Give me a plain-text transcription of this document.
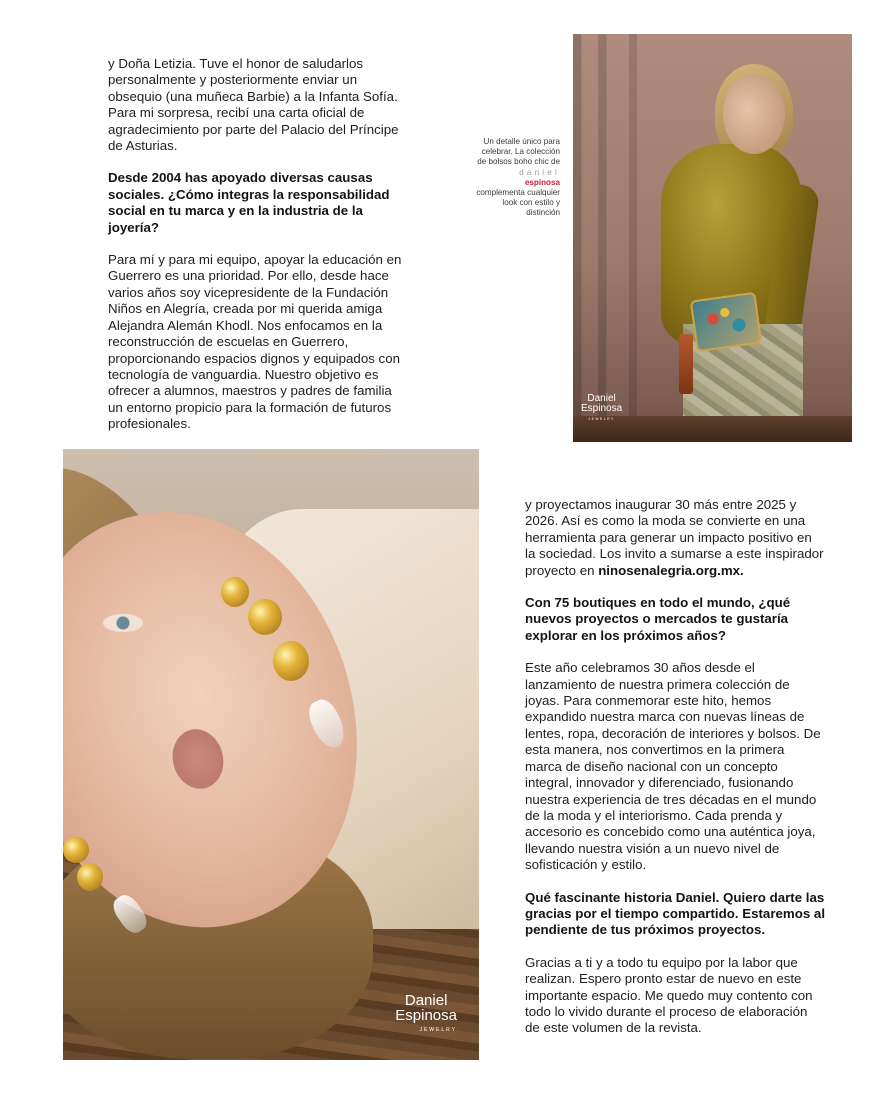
y Doña Letizia. Tuve el honor de saludarlos personalmente y posteriormente enviar un obsequio (una muñeca Barbie) a la Infanta Sofía. Para mi sorpresa, recibí una carta oficial de agradecimiento por parte del Palacio del Príncipe de Asturias.

Desde 2004 has apoyado diversas causas sociales. ¿Cómo integras la responsabilidad social en tu marca y en la industria de la joyería?

Para mí y para mi equipo, apoyar la educación en Guerrero es una prioridad. Por ello, desde hace varios años soy vicepresidente de la Fundación Niños en Alegría, creada por mi querida amiga Alejandra Alemán Khodl. Nos enfocamos en la reconstrucción de escuelas en Guerrero, proporcionando espacios dignos y equipados con tecnología de vanguardia. Nuestro objetivo es ofrecer a alumnos, maestros y padres de familia un entorno propicio para la formación de futuros profesionales.

Un detalle único para celebrar. La colección de bolsos boho chic de
daniel
espinosa
complementa cualquier look con estilo y distinción
Daniel
Espinosa
JEWELRY
Daniel
Espinosa
JEWELRY

y proyectamos inaugurar 30 más entre 2025 y 2026. Así es como la moda se convierte en una herramienta para generar un impacto positivo en la sociedad. Los invito a sumarse a este inspirador proyecto en ninosenalegria.org.mx.

Con 75 boutiques en todo el mundo, ¿qué nuevos proyectos o mercados te gustaría explorar en los próximos años?

Este año celebramos 30 años desde el lanzamiento de nuestra primera colección de joyas. Para conmemorar este hito, hemos expandido nuestra marca con nuevas líneas de lentes, ropa, decoración de interiores y bolsos. De esta manera, nos convertimos en la primera marca de diseño nacional con un concepto integral, innovador y diferenciado, fusionando nuestra experiencia de tres décadas en el mundo de la moda y el interiorismo. Cada prenda y accesorio es concebido como una auténtica joya, llevando nuestra visión a un nuevo nivel de sofisticación y estilo.

Qué fascinante historia Daniel. Quiero darte las gracias por el tiempo compartido. Estaremos al pendiente de tus próximos proyectos.

Gracias a ti y a todo tu equipo por la labor que realizan. Espero pronto estar de nuevo en este importante espacio. Me quedo muy contento con todo lo vivido durante el proceso de elaboración de este volumen de la revista.
